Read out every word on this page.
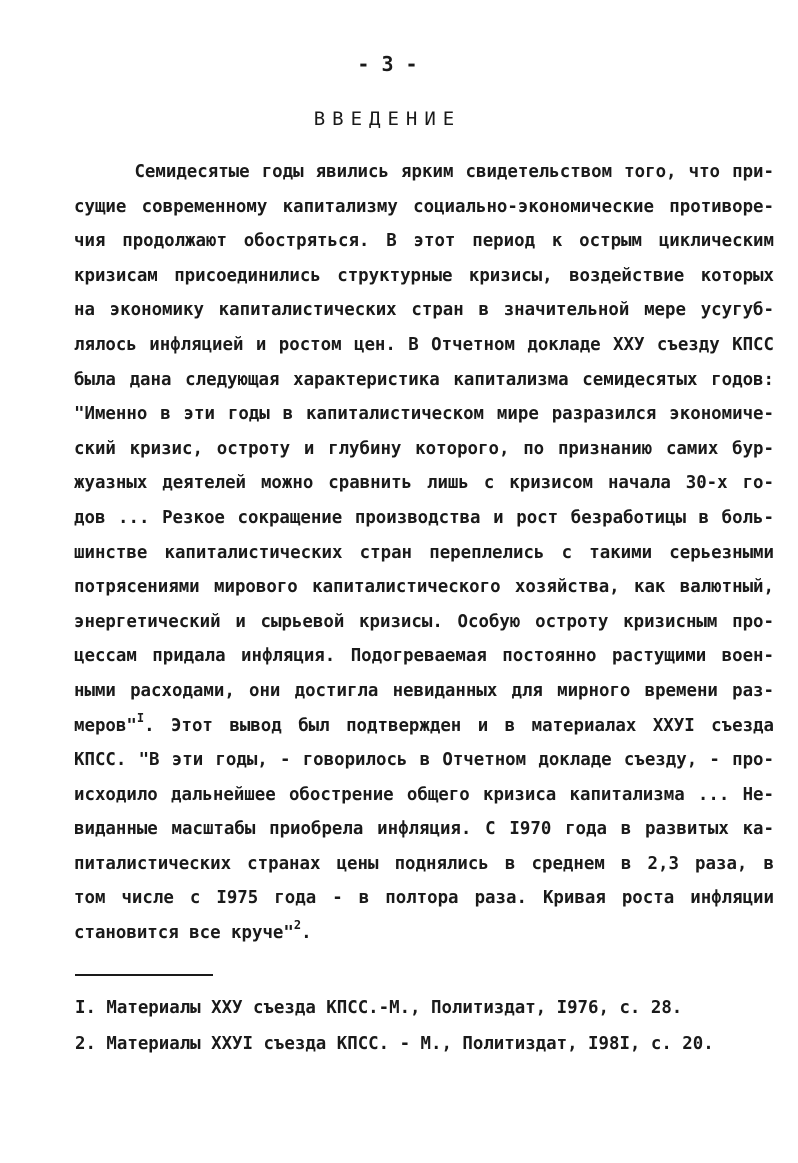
- 3 -
ВВЕДЕНИЕ
Семидесятые годы явились ярким свидетельством того, что при-
сущие современному капитализму социально-экономические противоре-
чия продолжают обостряться. В этот период к острым циклическим
кризисам присоединились структурные кризисы, воздействие которых
на экономику капиталистических стран в значительной мере усугуб-
лялось инфляцией и ростом цен. В Отчетном докладе ХХУ съезду КПСС
была дана следующая характеристика капитализма семидесятых годов:
"Именно в эти годы в капиталистическом мире разразился экономиче-
ский кризис, остроту и глубину которого, по признанию самих бур-
жуазных деятелей можно сравнить лишь с кризисом начала 30-х го-
дов ... Резкое сокращение производства и рост безработицы в боль-
шинстве капиталистических стран переплелись с такими серьезными
потрясениями мирового капиталистического хозяйства, как валютный,
энергетический и сырьевой кризисы. Особую остроту кризисным про-
цессам придала инфляция. Подогреваемая постоянно растущими воен-
ными расходами, они достигла невиданных для мирного времени раз-
меров"$^I$. Этот вывод был подтвержден и в материалах ХХУI съезда
КПСС. "В эти годы, - говорилось в Отчетном докладе съезду, - про-
исходило дальнейшее обострение общего кризиса капитализма ... Не-
виданные масштабы приобрела инфляция. С I970 года в развитых ка-
питалистических странах цены поднялись в среднем в 2,3 раза, в
том числе с I975 года - в полтора раза. Кривая роста инфляции
становится все круче"$^2$.
I. Материалы ХХУ съезда КПСС.-М., Политиздат, I976, с. 28.
2. Материалы ХХУI съезда КПСС. - М., Политиздат, I98I, с. 20.
